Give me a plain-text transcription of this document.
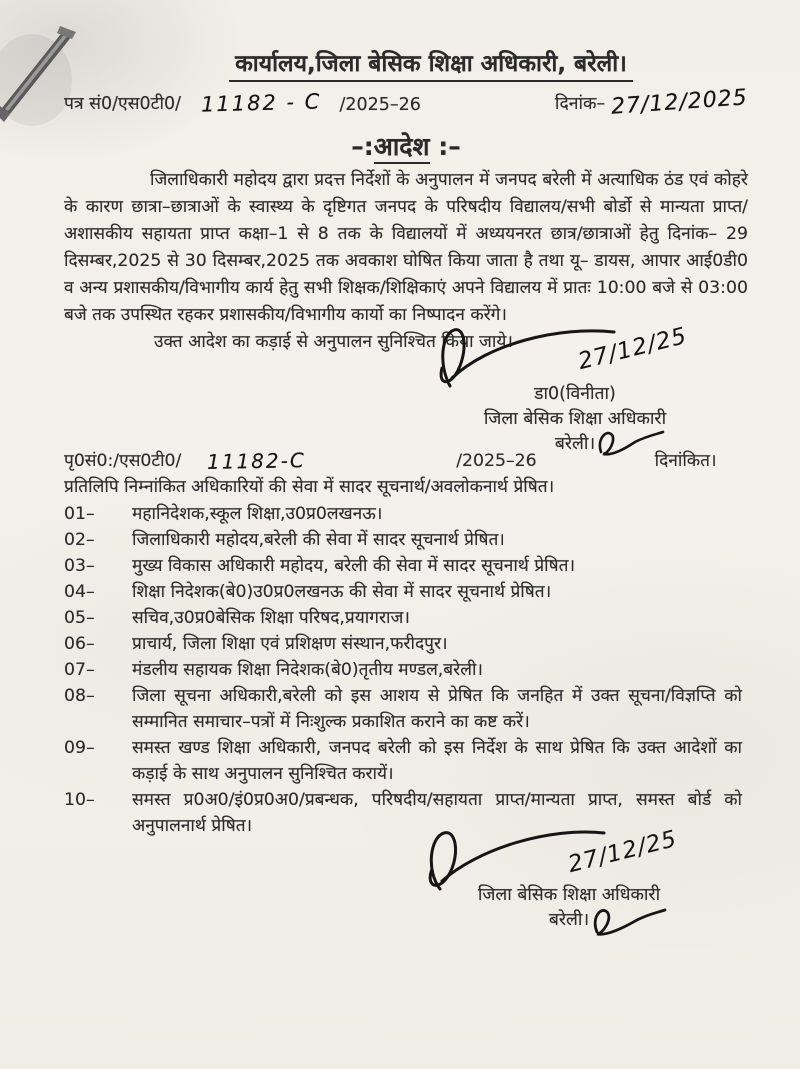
कार्यालय,जिला बेसिक शिक्षा अधिकारी, बरेली।
पत्र सं0/एस0टी0/ 11182 - C /2025–26	दिनांक– 27/12/2025
–:आदेश :–

जिलाधिकारी महोदय द्वारा प्रदत्त निर्देशों के अनुपालन में जनपद बरेली में अत्याधिक ठंड एवं कोहरे के कारण छात्रा–छात्राओं के स्वास्थ्य के दृष्टिगत जनपद के परिषदीय विद्यालय/सभी बोर्डो से मान्यता प्राप्त/अशासकीय सहायता प्राप्त कक्षा–1 से 8 तक के विद्यालयों में अध्ययनरत छात्र/छात्राओं हेतु दिनांक– 29 दिसम्बर,2025 से 30 दिसम्बर,2025 तक अवकाश घोषित किया जाता है तथा यू– डायस, आपार आई0डी0 व अन्य प्रशासकीय/विभागीय कार्य हेतु सभी शिक्षक/शिक्षिकाएं अपने विद्यालय में प्रातः 10:00 बजे से 03:00 बजे तक उपस्थित रहकर प्रशासकीय/विभागीय कार्यो का निष्पादन करेंगे।

उक्त आदेश का कड़ाई से अनुपालन सुनिश्चित किया जाये।	27/12/25
डा0(विनीता)
जिला बेसिक शिक्षा अधिकारी
बरेली।
पृ0सं0:/एस0टी0/ 11182-C	/2025–26	दिनांकित।
प्रतिलिपि निम्नांकित अधिकारियों की सेवा में सादर सूचनार्थ/अवलोकनार्थ प्रेषित।
01–	महानिदेशक,स्कूल शिक्षा,उ0प्र0लखनऊ।
02–	जिलाधिकारी महोदय,बरेली की सेवा में सादर सूचनार्थ प्रेषित।
03–	मुख्य विकास अधिकारी महोदय, बरेली की सेवा में सादर सूचनार्थ प्रेषित।
04–	शिक्षा निदेशक(बे0)उ0प्र0लखनऊ की सेवा में सादर सूचनार्थ प्रेषित।
05–	सचिव,उ0प्र0बेसिक शिक्षा परिषद,प्रयागराज।
06–	प्राचार्य, जिला शिक्षा एवं प्रशिक्षण संस्थान,फरीदपुर।
07–	मंडलीय सहायक शिक्षा निदेशक(बे0)तृतीय मण्डल,बरेली।
08–	जिला सूचना अधिकारी,बरेली को इस आशय से प्रेषित कि जनहित में उक्त सूचना/विज्ञप्ति को सम्मानित समाचार–पत्रों में निःशुल्क प्रकाशित कराने का कष्ट करें।
09–	समस्त खण्ड शिक्षा अधिकारी, जनपद बरेली को इस निर्देश के साथ प्रेषित कि उक्त आदेशों का कड़ाई के साथ अनुपालन सुनिश्चित करायें।
10–	समस्त प्र0अ0/इं0प्र0अ0/प्रबन्धक, परिषदीय/सहायता प्राप्त/मान्यता प्राप्त, समस्त बोर्ड को अनुपालनार्थ प्रेषित।	27/12/25
जिला बेसिक शिक्षा अधिकारी
बरेली।
